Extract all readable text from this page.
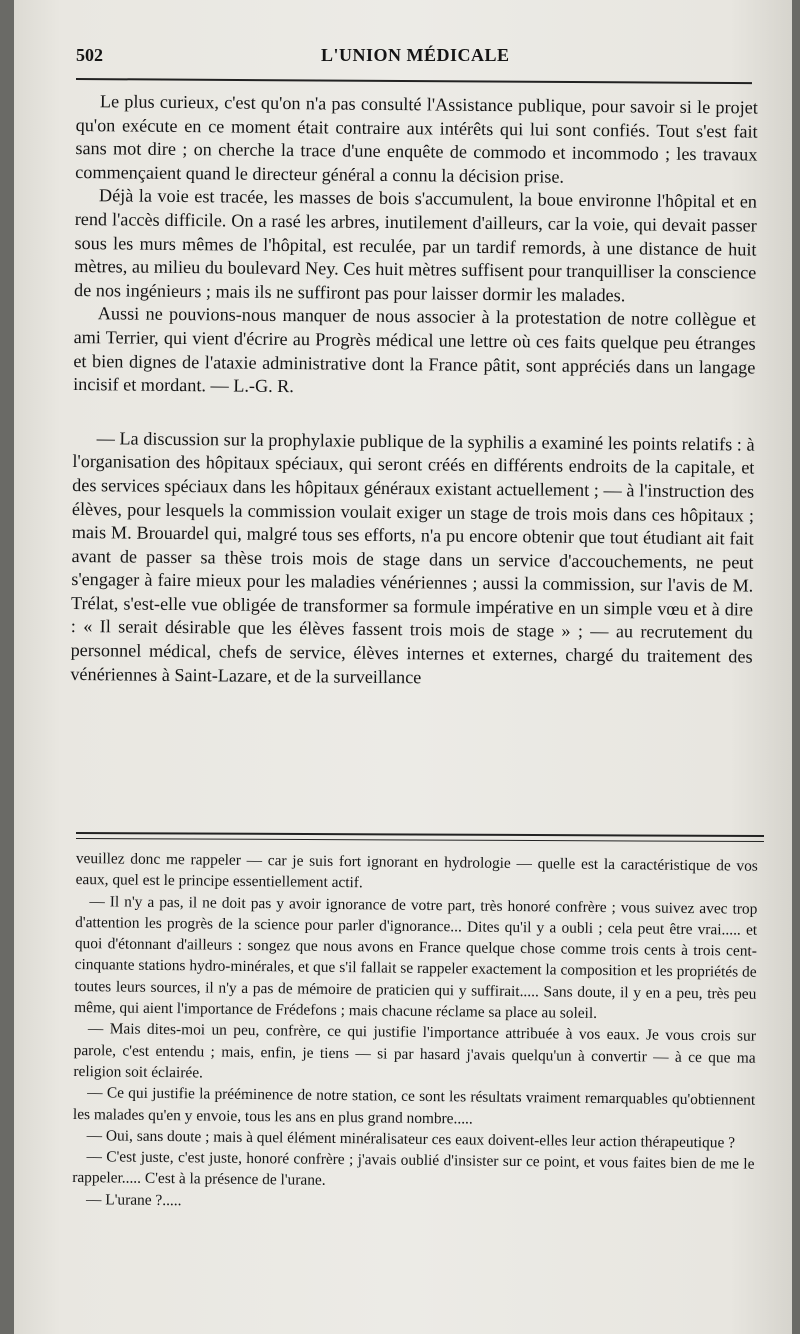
502	L'UNION MÉDICALE

Le plus curieux, c'est qu'on n'a pas consulté l'Assistance publique, pour savoir si le projet qu'on exécute en ce moment était contraire aux intérêts qui lui sont confiés. Tout s'est fait sans mot dire ; on cherche la trace d'une enquête de commodo et incommodo ; les travaux commençaient quand le directeur général a connu la décision prise.

Déjà la voie est tracée, les masses de bois s'accumulent, la boue environne l'hôpital et en rend l'accès difficile. On a rasé les arbres, inutilement d'ailleurs, car la voie, qui devait passer sous les murs mêmes de l'hôpital, est reculée, par un tardif remords, à une distance de huit mètres, au milieu du boulevard Ney. Ces huit mètres suffisent pour tranquilliser la conscience de nos ingénieurs ; mais ils ne suffiront pas pour laisser dormir les malades.

Aussi ne pouvions-nous manquer de nous associer à la protestation de notre collègue et ami Terrier, qui vient d'écrire au Progrès médical une lettre où ces faits quelque peu étranges et bien dignes de l'ataxie administrative dont la France pâtit, sont appréciés dans un langage incisif et mordant. — L.-G. R.

— La discussion sur la prophylaxie publique de la syphilis a examiné les points relatifs : à l'organisation des hôpitaux spéciaux, qui seront créés en différents endroits de la capitale, et des services spéciaux dans les hôpitaux généraux existant actuellement ; — à l'instruction des élèves, pour lesquels la commission voulait exiger un stage de trois mois dans ces hôpitaux ; mais M. Brouardel qui, malgré tous ses efforts, n'a pu encore obtenir que tout étudiant ait fait avant de passer sa thèse trois mois de stage dans un service d'accouchements, ne peut s'engager à faire mieux pour les maladies vénériennes ; aussi la commission, sur l'avis de M. Trélat, s'est-elle vue obligée de transformer sa formule impérative en un simple vœu et à dire : « Il serait désirable que les élèves fassent trois mois de stage » ; — au recrutement du personnel médical, chefs de service, élèves internes et externes, chargé du traitement des vénériennes à Saint-Lazare, et de la surveillance

veuillez donc me rappeler — car je suis fort ignorant en hydrologie — quelle est la caractéristique de vos eaux, quel est le principe essentiellement actif.

— Il n'y a pas, il ne doit pas y avoir ignorance de votre part, très honoré confrère ; vous suivez avec trop d'attention les progrès de la science pour parler d'ignorance... Dites qu'il y a oubli ; cela peut être vrai..... et quoi d'étonnant d'ailleurs : songez que nous avons en France quelque chose comme trois cents à trois cent-cinquante stations hydro-minérales, et que s'il fallait se rappeler exactement la composition et les propriétés de toutes leurs sources, il n'y a pas de mémoire de praticien qui y suffirait..... Sans doute, il y en a peu, très peu même, qui aient l'importance de Frédefons ; mais chacune réclame sa place au soleil.

— Mais dites-moi un peu, confrère, ce qui justifie l'importance attribuée à vos eaux. Je vous crois sur parole, c'est entendu ; mais, enfin, je tiens — si par hasard j'avais quelqu'un à convertir — à ce que ma religion soit éclairée.

— Ce qui justifie la prééminence de notre station, ce sont les résultats vraiment remarquables qu'obtiennent les malades qu'en y envoie, tous les ans en plus grand nombre.....

— Oui, sans doute ; mais à quel élément minéralisateur ces eaux doivent-elles leur action thérapeutique ?

— C'est juste, c'est juste, honoré confrère ; j'avais oublié d'insister sur ce point, et vous faites bien de me le rappeler..... C'est à la présence de l'urane.

— L'urane ?.....
